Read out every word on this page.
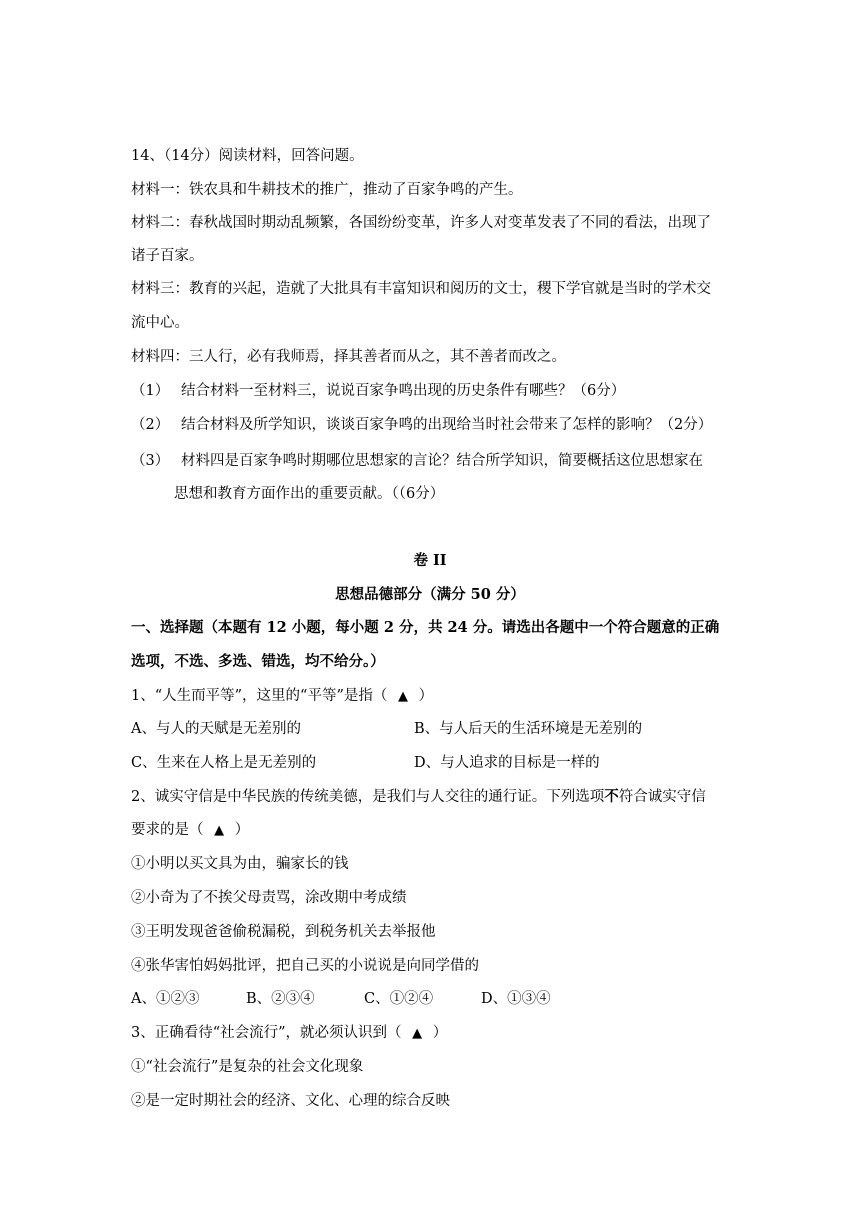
14、（14分）阅读材料，回答问题。
材料一：铁农具和牛耕技术的推广，推动了百家争鸣的产生。
材料二：春秋战国时期动乱频繁，各国纷纷变革，许多人对变革发表了不同的看法，出现了
诸子百家。
材料三：教育的兴起，造就了大批具有丰富知识和阅历的文士，稷下学官就是当时的学术交
流中心。
材料四：三人行，必有我师焉，择其善者而从之，其不善者而改之。
（1） 结合材料一至材料三，说说百家争鸣出现的历史条件有哪些？（6分）
（2） 结合材料及所学知识，谈谈百家争鸣的出现给当时社会带来了怎样的影响？（2分）
（3） 材料四是百家争鸣时期哪位思想家的言论？结合所学知识，简要概括这位思想家在
思想和教育方面作出的重要贡献。（（6分）
卷 II
思想品德部分（满分 50 分）
一、选择题（本题有 12 小题，每小题 2 分，共 24 分。请选出各题中一个符合题意的正确
选项，不选、多选、错选，均不给分。）
1、“人生而平等”，这里的“平等”是指（ ▲ ）
A、与人的天赋是无差别的	B、与人后天的生活环境是无差别的
C、生来在人格上是无差别的	D、与人追求的目标是一样的
2、诚实守信是中华民族的传统美德，是我们与人交往的通行证。下列选项不符合诚实守信
要求的是（ ▲ ）
①小明以买文具为由，骗家长的钱
②小奇为了不挨父母责骂，涂改期中考成绩
③王明发现爸爸偷税漏税，到税务机关去举报他
④张华害怕妈妈批评，把自己买的小说说是向同学借的
A、①②③	B、②③④	C、①②④	D、①③④
3、正确看待“社会流行”，就必须认识到（ ▲ ）
①“社会流行”是复杂的社会文化现象
②是一定时期社会的经济、文化、心理的综合反映
